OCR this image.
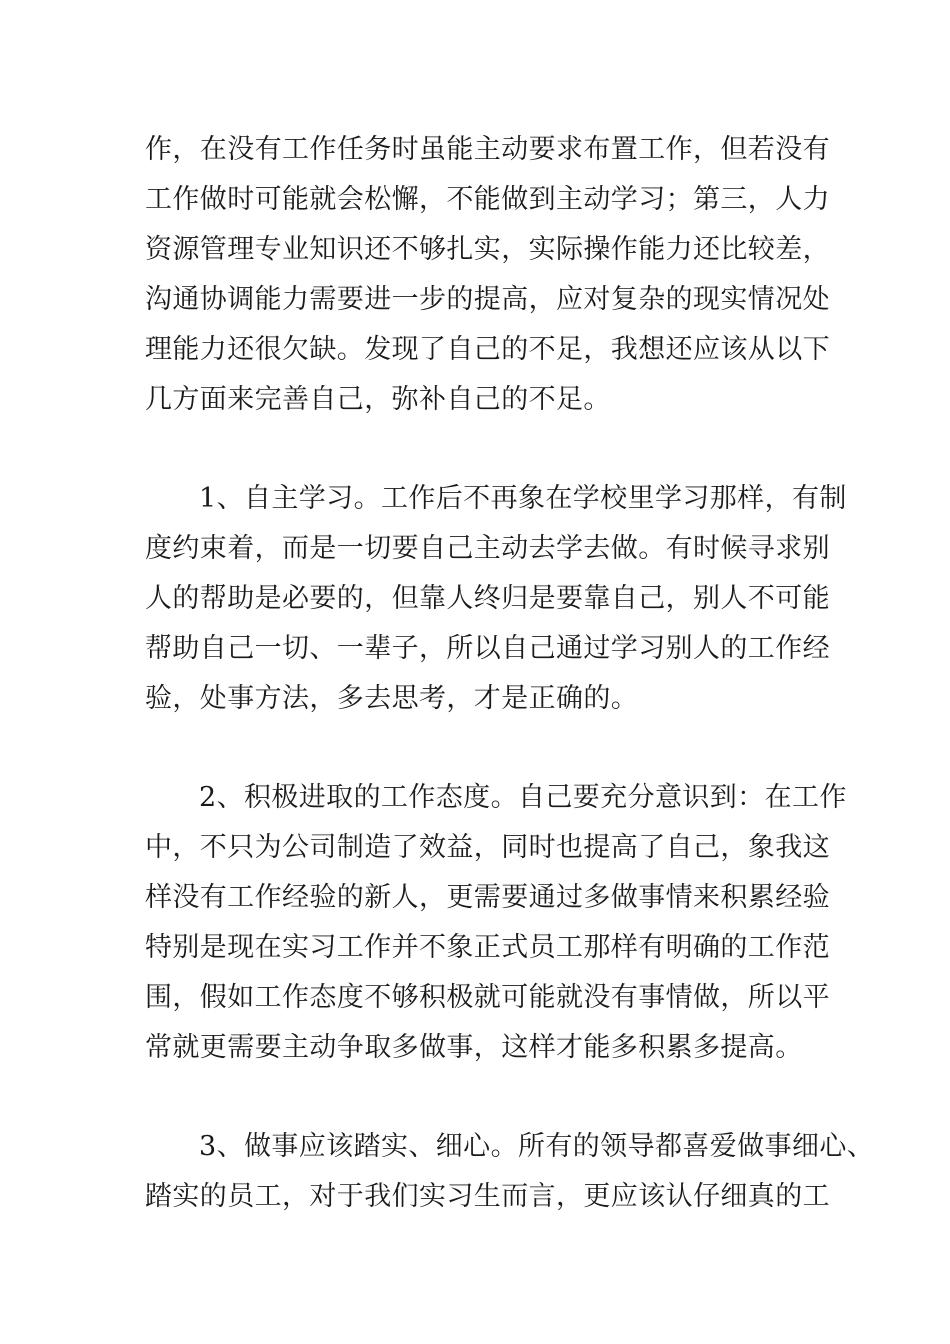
作，在没有工作任务时虽能主动要求布置工作，但若没有
工作做时可能就会松懈，不能做到主动学习；第三，人力
资源管理专业知识还不够扎实，实际操作能力还比较差，
沟通协调能力需要进一步的提高，应对复杂的现实情况处
理能力还很欠缺。发现了自己的不足，我想还应该从以下
几方面来完善自己，弥补自己的不足。
1、自主学习。工作后不再象在学校里学习那样，有制
度约束着，而是一切要自己主动去学去做。有时候寻求别
人的帮助是必要的，但靠人终归是要靠自己，别人不可能
帮助自己一切、一辈子，所以自己通过学习别人的工作经
验，处事方法，多去思考，才是正确的。
2、积极进取的工作态度。自己要充分意识到：在工作
中，不只为公司制造了效益，同时也提高了自己，象我这
样没有工作经验的新人，更需要通过多做事情来积累经验
特别是现在实习工作并不象正式员工那样有明确的工作范
围，假如工作态度不够积极就可能就没有事情做，所以平
常就更需要主动争取多做事，这样才能多积累多提高。
3、做事应该踏实、细心。所有的领导都喜爱做事细心、
踏实的员工，对于我们实习生而言，更应该认仔细真的工
